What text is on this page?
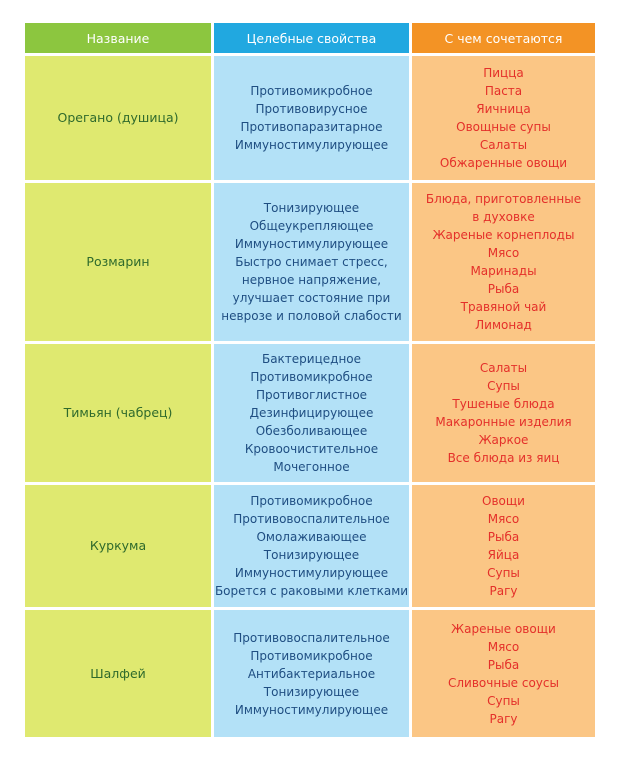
Название	Целебные свойства	С чем сочетаются
Орегано (душица)
Противомикробное
Противовирусное
Противопаразитарное
Иммуностимулирующее
Пицца
Паста
Яичница
Овощные супы
Салаты
Обжаренные овощи
Розмарин
Тонизирующее
Общеукрепляющее
Иммуностимулирующее
Быстро снимает стресс,
нервное напряжение,
улучшает состояние при
неврозе и половой слабости
Блюда, приготовленные
в духовке
Жареные корнеплоды
Мясо
Маринады
Рыба
Травяной чай
Лимонад
Тимьян (чабрец)
Бактерицедное
Противомикробное
Противоглистное
Дезинфицирующее
Обезболивающее
Кровоочистительное
Мочегонное
Салаты
Супы
Тушеные блюда
Макаронные изделия
Жаркое
Все блюда из яиц
Куркума
Противомикробное
Противовоспалительное
Омолаживающее
Тонизирующее
Иммуностимулирующее
Борется с раковыми клетками
Овощи
Мясо
Рыба
Яйца
Супы
Рагу
Шалфей
Противовоспалительное
Противомикробное
Антибактериальное
Тонизирующее
Иммуностимулирующее
Жареные овощи
Мясо
Рыба
Сливочные соусы
Супы
Рагу
